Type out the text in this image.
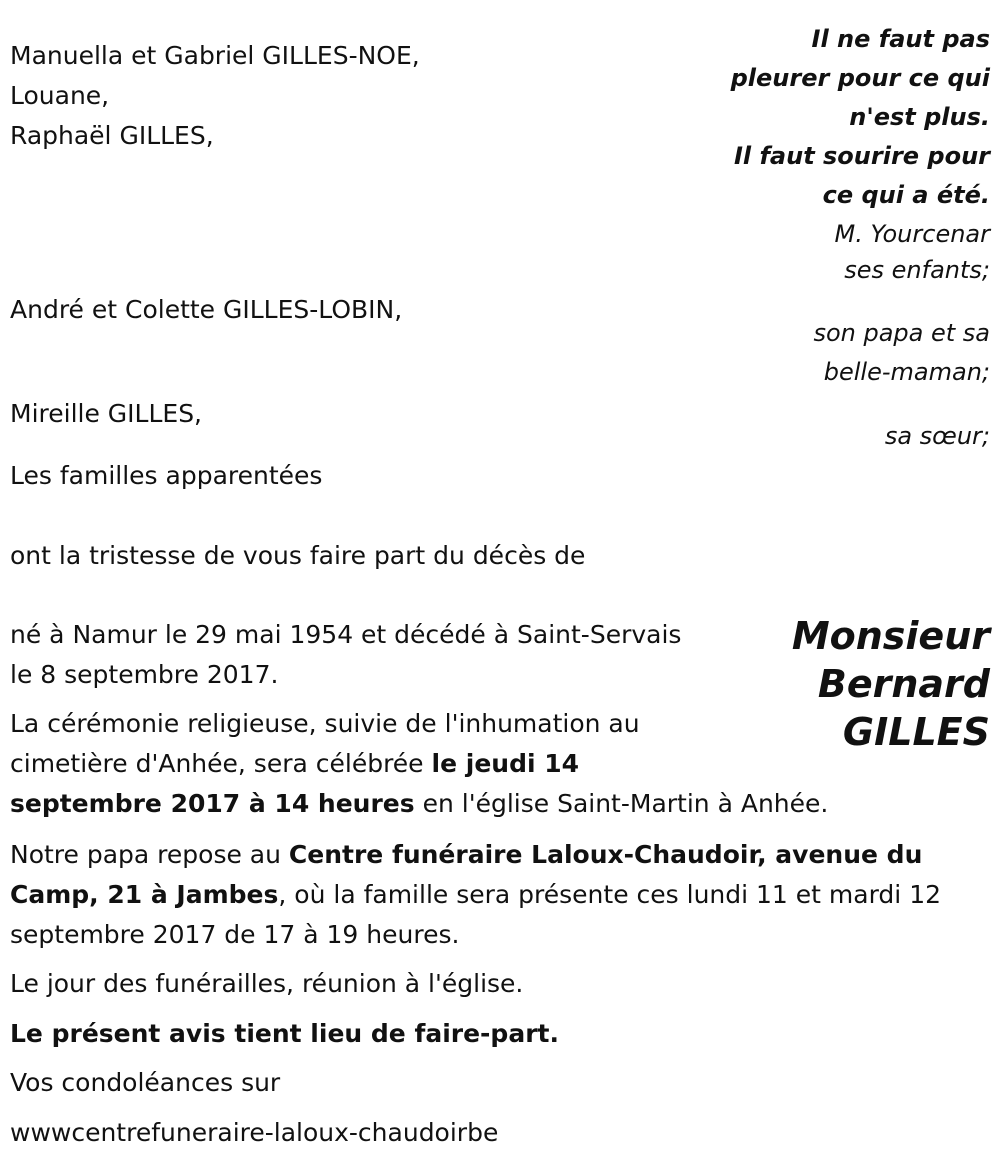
Manuella et Gabriel GILLES-NOE,
Louane,
Raphaël GILLES,
Il ne faut pas
pleurer pour ce qui
n'est plus.
Il faut sourire pour
ce qui a été.
M. Yourcenar
ses enfants;
André et Colette GILLES-LOBIN,
son papa et sa
belle-maman;
Mireille GILLES,
sa sœur;
Les familles apparentées
ont la tristesse de vous faire part du décès de
Monsieur
Bernard
GILLES
né à Namur le 29 mai 1954 et décédé à Saint-Servais
le 8 septembre 2017.
La cérémonie religieuse, suivie de l'inhumation au
cimetière d'Anhée, sera célébrée le jeudi 14
septembre 2017 à 14 heures en l'église Saint-Martin à Anhée.
Notre papa repose au Centre funéraire Laloux-Chaudoir, avenue du Camp, 21 à Jambes, où la famille sera présente ces lundi 11 et mardi 12 septembre 2017 de 17 à 19 heures.
Le jour des funérailles, réunion à l'église.
Le présent avis tient lieu de faire-part.
Vos condoléances sur
wwwcentrefuneraire-laloux-chaudoirbe
